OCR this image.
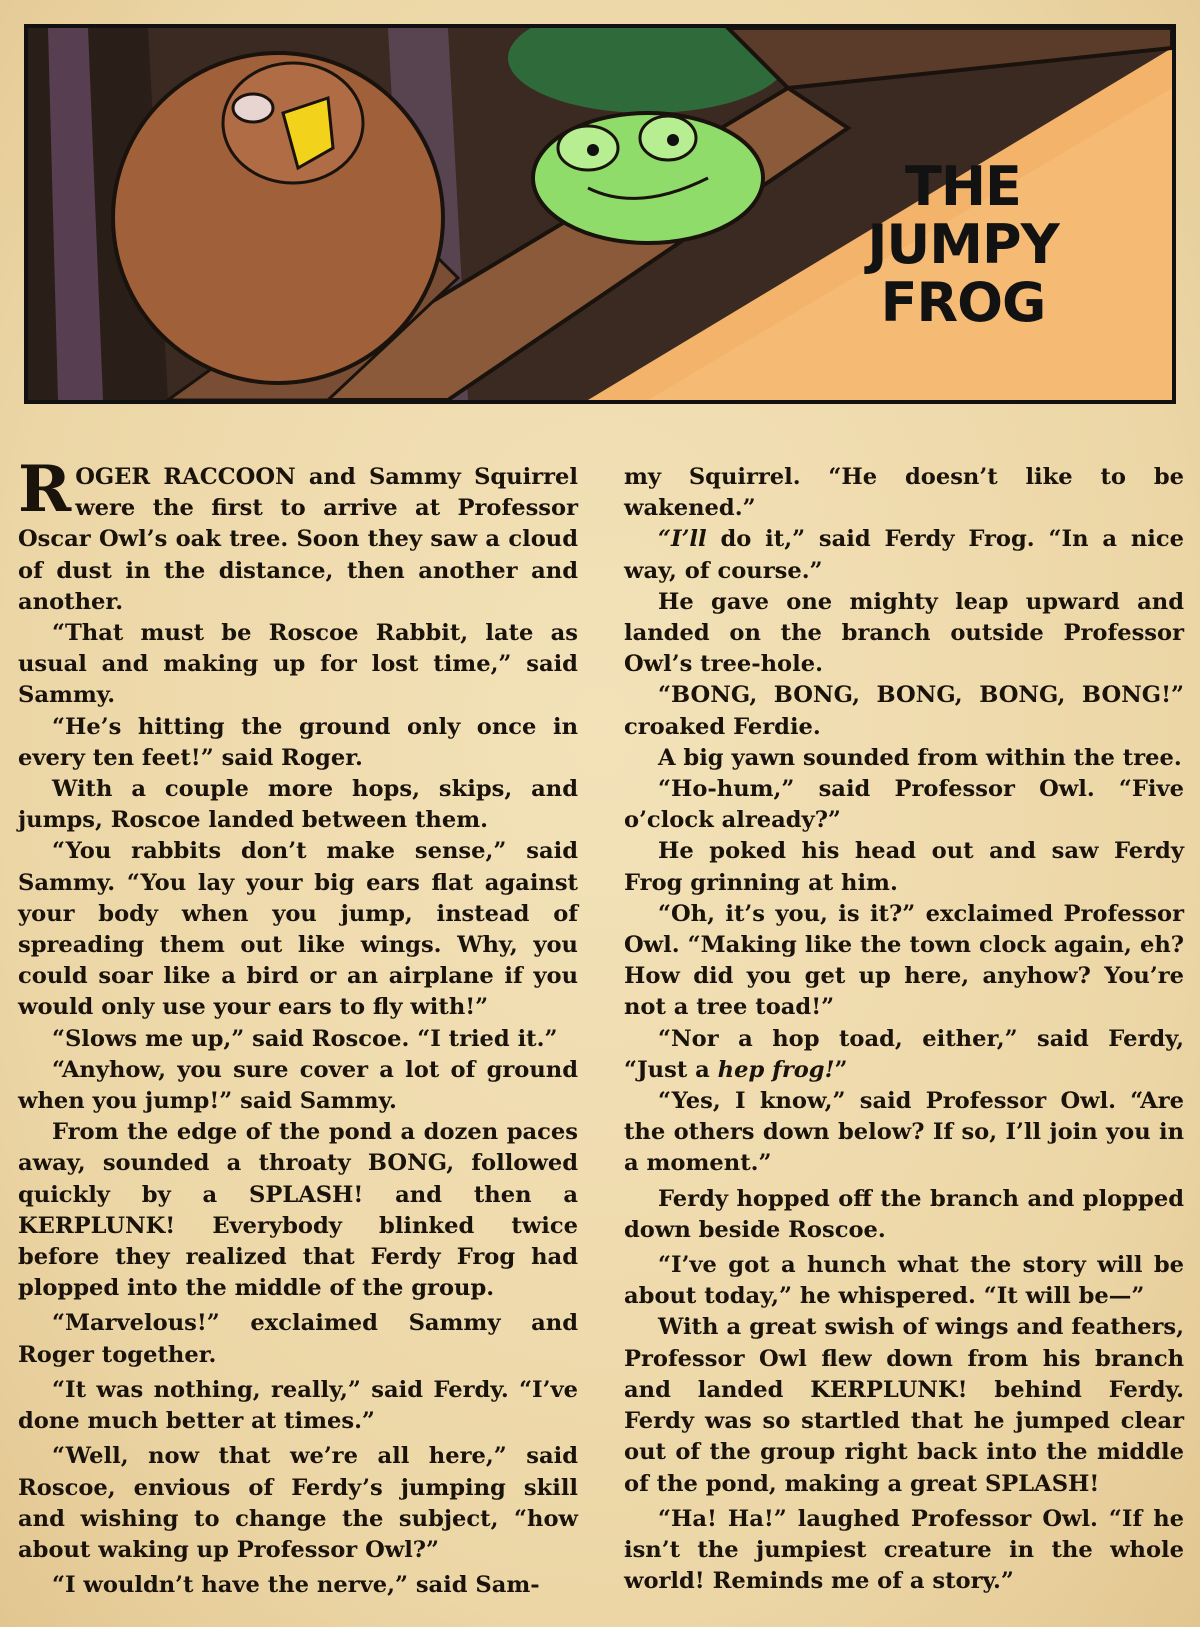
THE
JUMPY
FROG

ROGER RACCOON and Sammy Squirrel were the first to arrive at Professor Oscar Owl’s oak tree. Soon they saw a cloud of dust in the distance, then another and another.

“That must be Roscoe Rabbit, late as usual and making up for lost time,” said Sammy.

“He’s hitting the ground only once in every ten feet!” said Roger.

With a couple more hops, skips, and jumps, Roscoe landed between them.

“You rabbits don’t make sense,” said Sammy. “You lay your big ears flat against your body when you jump, instead of spreading them out like wings. Why, you could soar like a bird or an airplane if you would only use your ears to fly with!”

“Slows me up,” said Roscoe. “I tried it.”

“Anyhow, you sure cover a lot of ground when you jump!” said Sammy.

From the edge of the pond a dozen paces away, sounded a throaty BONG, followed quickly by a SPLASH! and then a KERPLUNK! Everybody blinked twice before they realized that Ferdy Frog had plopped into the middle of the group.

“Marvelous!” exclaimed Sammy and Roger together.

“It was nothing, really,” said Ferdy. “I’ve done much better at times.”

“Well, now that we’re all here,” said Roscoe, envious of Ferdy’s jumping skill and wishing to change the subject, “how about waking up Professor Owl?”

“I wouldn’t have the nerve,” said Sam-

my Squirrel. “He doesn’t like to be wakened.”

“I’ll do it,” said Ferdy Frog. “In a nice way, of course.”

He gave one mighty leap upward and landed on the branch outside Professor Owl’s tree-hole.

“BONG, BONG, BONG, BONG, BONG!” croaked Ferdie.

A big yawn sounded from within the tree.

“Ho-hum,” said Professor Owl. “Five o’clock already?”

He poked his head out and saw Ferdy Frog grinning at him.

“Oh, it’s you, is it?” exclaimed Professor Owl. “Making like the town clock again, eh? How did you get up here, anyhow? You’re not a tree toad!”

“Nor a hop toad, either,” said Ferdy, “Just a hep frog!”

“Yes, I know,” said Professor Owl. “Are the others down below? If so, I’ll join you in a moment.”

Ferdy hopped off the branch and plopped down beside Roscoe.

“I’ve got a hunch what the story will be about today,” he whispered. “It will be—”

With a great swish of wings and feathers, Professor Owl flew down from his branch and landed KERPLUNK! behind Ferdy. Ferdy was so startled that he jumped clear out of the group right back into the middle of the pond, making a great SPLASH!

“Ha! Ha!” laughed Professor Owl. “If he isn’t the jumpiest creature in the whole world! Reminds me of a story.”
